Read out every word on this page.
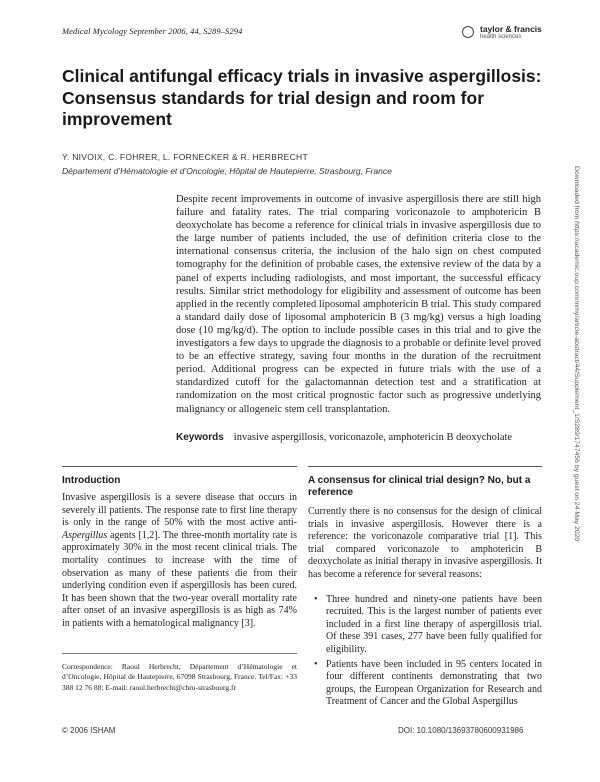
Medical Mycology September 2006, 44, S289–S294	taylor & francis
health sciences
Clinical antifungal efficacy trials in invasive aspergillosis: Consensus standards for trial design and room for improvement
Y. NIVOIX, C. FOHRER, L. FORNECKER & R. HERBRECHT
Département d’Hématologie et d’Oncologie, Hôpital de Hautepierre, Strasbourg, France
Despite recent improvements in outcome of invasive aspergillosis there are still high failure and fatality rates. The trial comparing voriconazole to amphotericin B deoxycholate has become a reference for clinical trials in invasive aspergillosis due to the large number of patients included, the use of definition criteria close to the international consensus criteria, the inclusion of the halo sign on chest computed tomography for the definition of probable cases, the extensive review of the data by a panel of experts including radiologists, and most important, the successful efficacy results. Similar strict methodology for eligibility and assessment of outcome has been applied in the recently completed liposomal amphotericin B trial. This study compared a standard daily dose of liposomal amphotericin B (3 mg/kg) versus a high loading dose (10 mg/kg/d). The option to include possible cases in this trial and to give the investigators a few days to upgrade the diagnosis to a probable or definite level proved to be an effective strategy, saving four months in the duration of the recruitment period. Additional progress can be expected in future trials with the use of a standardized cutoff for the galactomannan detection test and a stratification at randomization on the most critical prognostic factor such as progressive underlying malignancy or allogeneic stem cell transplantation.
Keywords invasive aspergillosis, voriconazole, amphotericin B deoxycholate
Introduction

Invasive aspergillosis is a severe disease that occurs in severely ill patients. The response rate to first line therapy is only in the range of 50% with the most active anti-Aspergillus agents [1,2]. The three-month mortality rate is approximately 30% in the most recent clinical trials. The mortality continues to increase with the time of observation as many of these patients die from their underlying condition even if aspergillosis has been cured. It has been shown that the two-year overall mortality rate after onset of an invasive aspergillosis is as high as 74% in patients with a hematological malignancy [3].

A consensus for clinical trial design? No, but a reference

Currently there is no consensus for the design of clinical trials in invasive aspergillosis. However there is a reference: the voriconazole comparative trial [1]. This trial compared voriconazole to amphotericin B deoxycholate as initial therapy in invasive aspergillosis. It has become a reference for several reasons:

• Three hundred and ninety-one patients have been recruited. This is the largest number of patients ever included in a first line therapy of aspergillosis trial. Of these 391 cases, 277 have been fully qualified for eligibility.
• Patients have been included in 95 centers located in four different continents demonstrating that two groups, the European Organization for Research and Treatment of Cancer and the Global Aspergillus
Correspondence: Raoul Herbrecht, Département d’Hématologie et d’Oncologie, Hôpital de Hautepierre, 67098 Strasbourg, France. Tel/Fax: +33 388 12 76 88; E-mail: raoul.herbrecht@chru-strasbourg.fr
© 2006 ISHAM	DOI: 10.1080/13693780600931986
Downloaded from https://academic.oup.com/mmy/article-abstract/44/Supplement_1/S289/1747456 by guest on 24 May 2020
